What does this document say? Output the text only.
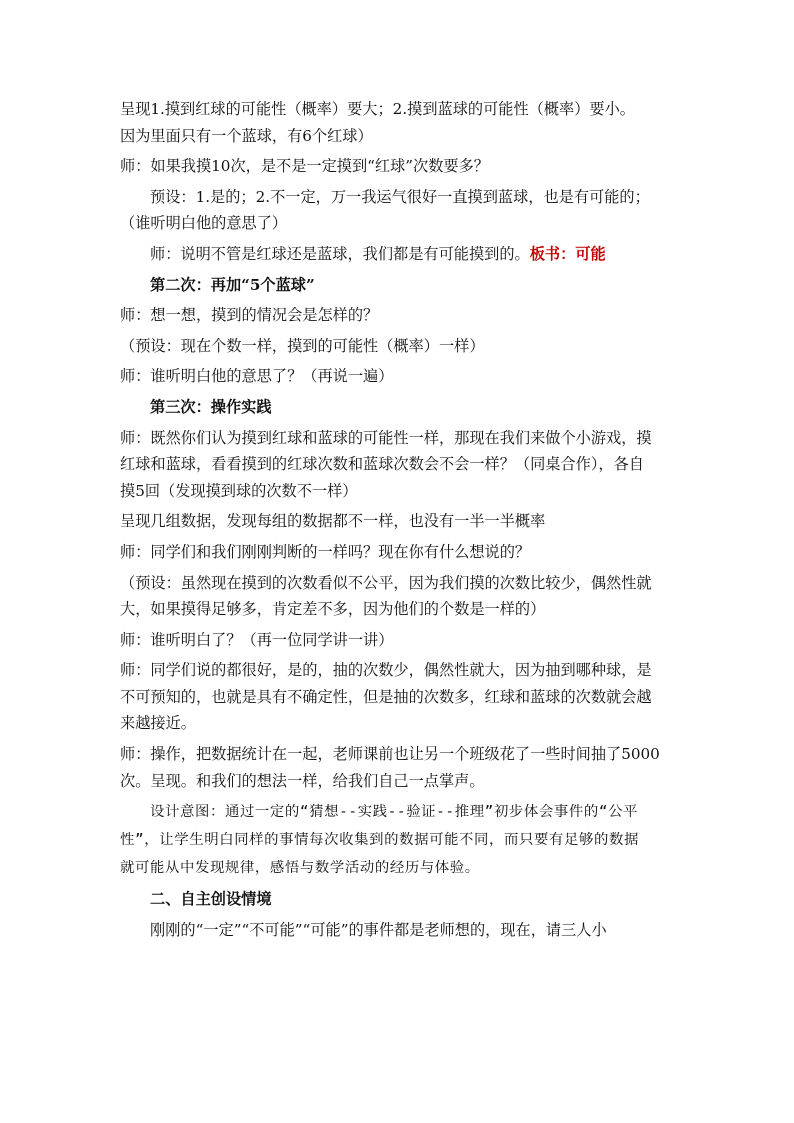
呈现1.摸到红球的可能性（概率）要大；2.摸到蓝球的可能性（概率）要小。
因为里面只有一个蓝球，有6个红球）
师：如果我摸10次，是不是一定摸到“红球”次数要多？
预设：1.是的；2.不一定，万一我运气很好一直摸到蓝球，也是有可能的；
（谁听明白他的意思了）
师：说明不管是红球还是蓝球，我们都是有可能摸到的。板书：可能
第二次：再加“5个蓝球”
师：想一想，摸到的情况会是怎样的？
（预设：现在个数一样，摸到的可能性（概率）一样）
师：谁听明白他的意思了？（再说一遍）
第三次：操作实践
师：既然你们认为摸到红球和蓝球的可能性一样，那现在我们来做个小游戏，摸
红球和蓝球，看看摸到的红球次数和蓝球次数会不会一样？（同桌合作），各自
摸5回（发现摸到球的次数不一样）
呈现几组数据，发现每组的数据都不一样，也没有一半一半概率
师：同学们和我们刚刚判断的一样吗？现在你有什么想说的？
（预设：虽然现在摸到的次数看似不公平，因为我们摸的次数比较少，偶然性就
大，如果摸得足够多，肯定差不多，因为他们的个数是一样的）
师：谁听明白了？（再一位同学讲一讲）
师：同学们说的都很好，是的，抽的次数少，偶然性就大，因为抽到哪种球，是
不可预知的，也就是具有不确定性，但是抽的次数多，红球和蓝球的次数就会越
来越接近。
师：操作，把数据统计在一起，老师课前也让另一个班级花了一些时间抽了5000
次。呈现。和我们的想法一样，给我们自己一点掌声。
设计意图：通过一定的“猜想--实践--验证--推理”初步体会事件的“公平
性”，让学生明白同样的事情每次收集到的数据可能不同，而只要有足够的数据
就可能从中发现规律，感悟与数学活动的经历与体验。
二、自主创设情境
刚刚的“一定”“不可能”“可能”的事件都是老师想的，现在，请三人小
